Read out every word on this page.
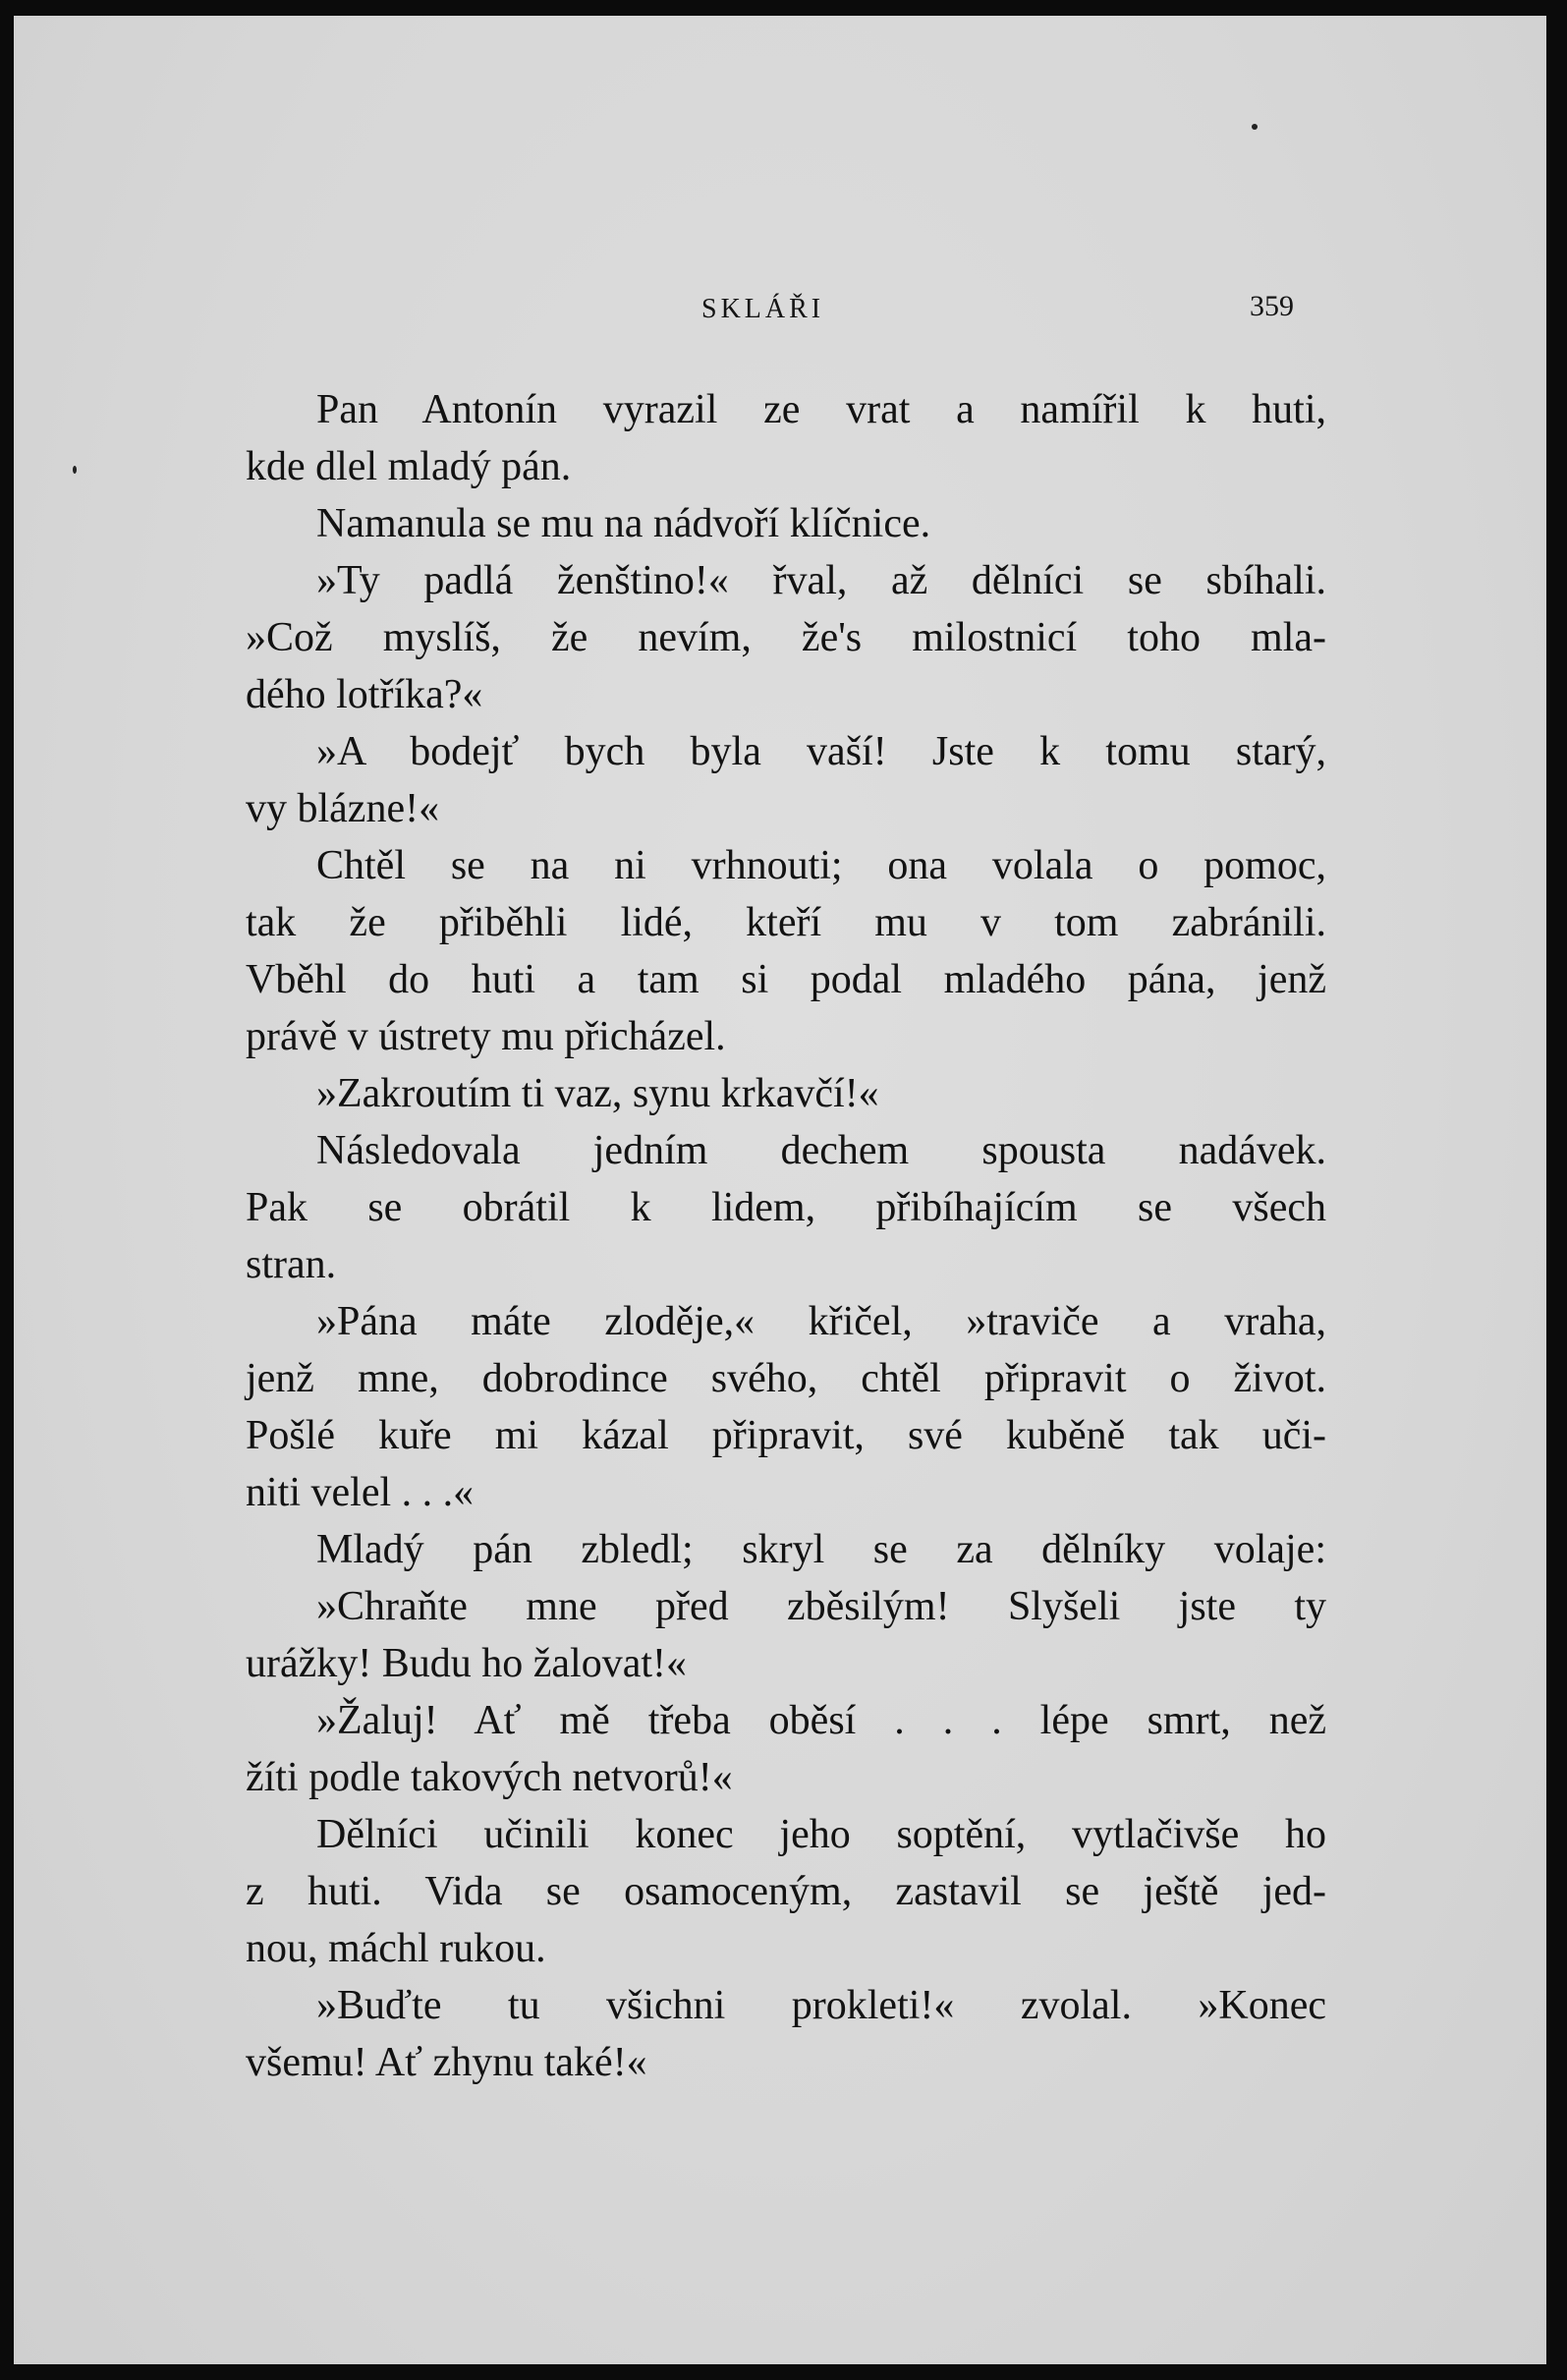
SKLÁŘI	359
Pan Antonín vyrazil ze vrat a namířil k huti,
kde dlel mladý pán.
Namanula se mu na nádvoří klíčnice.
»Ty padlá ženštino!« řval, až dělníci se sbíhali.
»Což myslíš, že nevím, že's milostnicí toho mla-
dého lotříka?«
»A bodejť bych byla vaší! Jste k tomu starý,
vy blázne!«
Chtěl se na ni vrhnouti; ona volala o pomoc,
tak že přiběhli lidé, kteří mu v tom zabránili.
Vběhl do huti a tam si podal mladého pána, jenž
právě v ústrety mu přicházel.
»Zakroutím ti vaz, synu krkavčí!«
Následovala jedním dechem spousta nadávek.
Pak se obrátil k lidem, přibíhajícím se všech
stran.
»Pána máte zloděje,« křičel, »traviče a vraha,
jenž mne, dobrodince svého, chtěl připravit o život.
Pošlé kuře mi kázal připravit, své kuběně tak uči-
niti velel . . .«
Mladý pán zbledl; skryl se za dělníky volaje:
»Chraňte mne před zběsilým! Slyšeli jste ty
urážky! Budu ho žalovat!«
»Žaluj! Ať mě třeba oběsí . . . lépe smrt, než
žíti podle takových netvorů!«
Dělníci učinili konec jeho soptění, vytlačivše ho
z huti. Vida se osamoceným, zastavil se ještě jed-
nou, máchl rukou.
»Buďte tu všichni prokleti!« zvolal. »Konec
všemu! Ať zhynu také!«
